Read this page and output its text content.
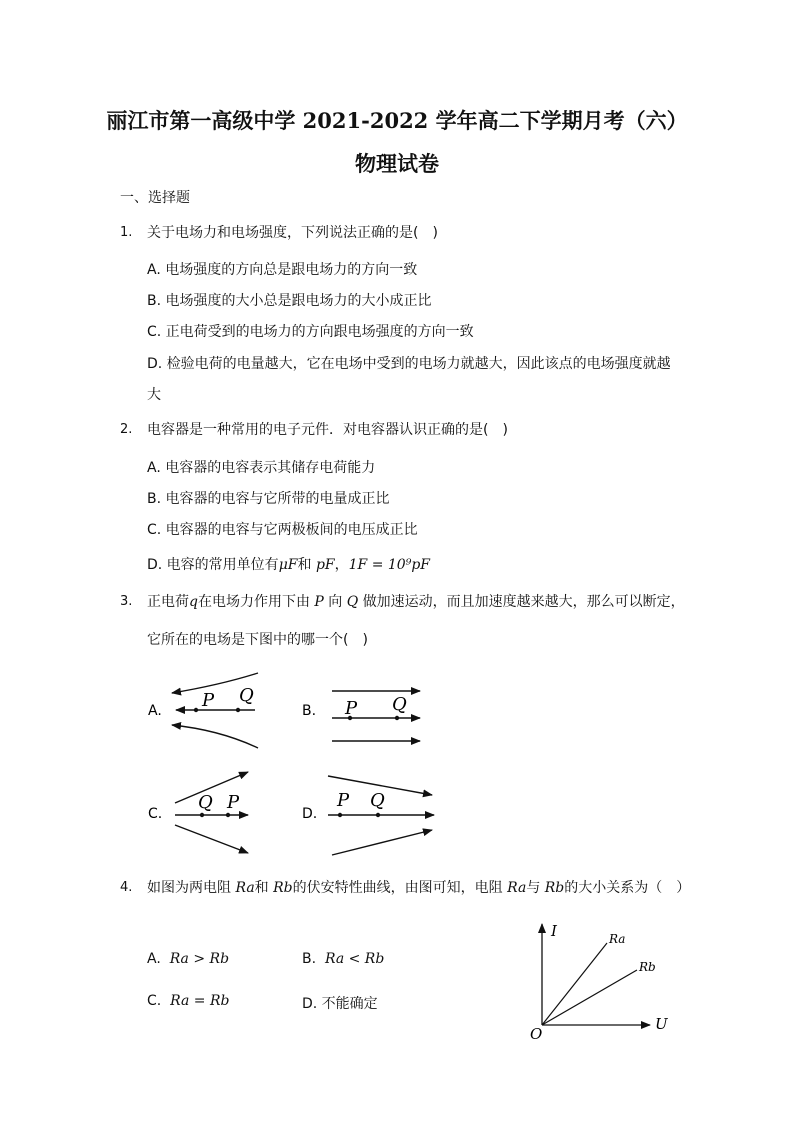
丽江市第一高级中学 2021-2022 学年高二下学期月考（六）
物理试卷
一、选择题
1. 关于电场力和电场强度，下列说法正确的是(　)
A. 电场强度的方向总是跟电场力的方向一致
B. 电场强度的大小总是跟电场力的大小成正比
C. 正电荷受到的电场力的方向跟电场强度的方向一致
D. 检验电荷的电量越大，它在电场中受到的电场力就越大，因此该点的电场强度就越
大
2. 电容器是一种常用的电子元件．对电容器认识正确的是(　)
A. 电容器的电容表示其储存电荷能力
B. 电容器的电容与它所带的电量成正比
C. 电容器的电容与它两极板间的电压成正比
D. 电容的常用单位有μF和 pF，1F = 10⁹pF
3. 正电荷q在电场力作用下由 P 向 Q 做加速运动，而且加速度越来越大，那么可以断定，
它所在的电场是下图中的哪一个(　)
A. P Q
B. P Q
C.
Q P
D.
P Q
4. 如图为两电阻 Ra和 Rb的伏安特性曲线，由图可知，电阻 Ra与 Rb的大小关系为（　）
A. Ra > Rb	B. Ra < Rb
C. Ra = Rb	D. 不能确定
I
U
O
Ra
Rb
